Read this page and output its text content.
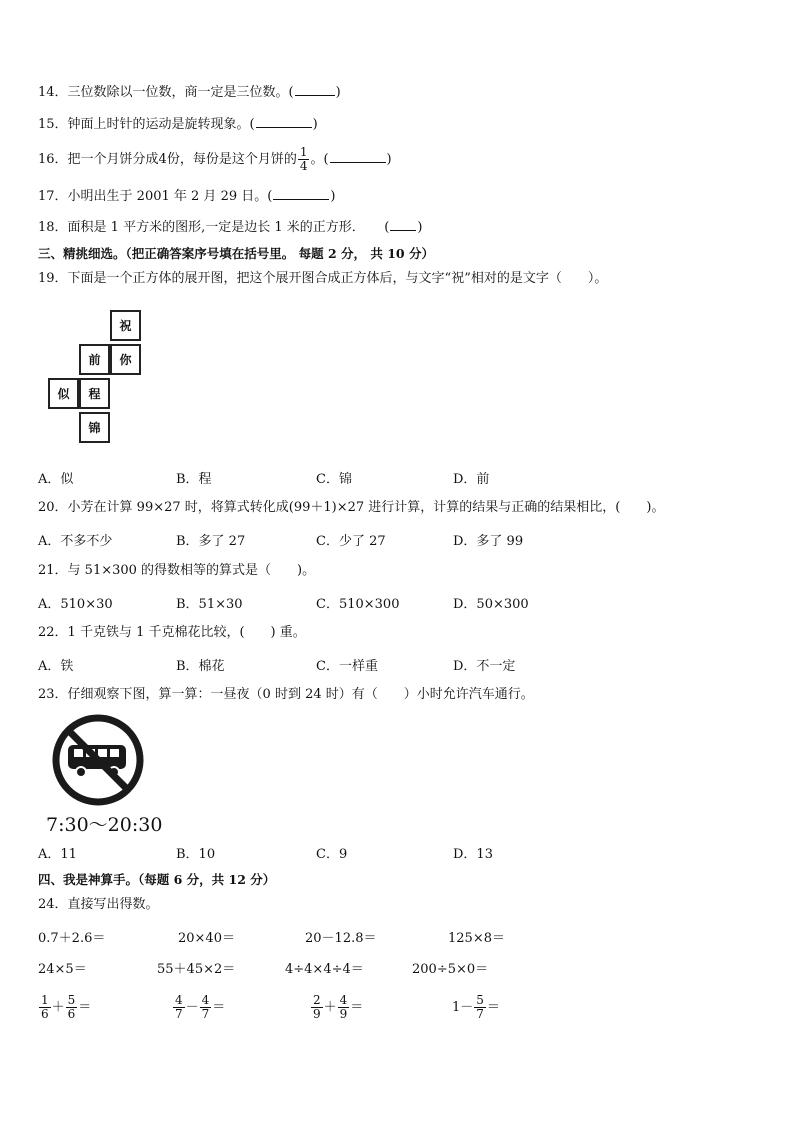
14．三位数除以一位数，商一定是三位数。(	)
15．钟面上时针的运动是旋转现象。(	)
16．把一个月饼分成4份，每份是这个月饼的 $\frac{1}{4}$ 。(	)
17．小明出生于 2001 年 2 月 29 日。(	)
18．面积是 1 平方米的图形,一定是边长 1 米的正方形．　　( )
三、精挑细选。（把正确答案序号填在括号里。 每题 2 分， 共 10 分）
19．下面是一个正方体的展开图，把这个展开图合成正方体后，与文字“祝”相对的是文字（　　）。
祝
前	你
似	程
锦
A．似	B．程	C．锦	D．前
20．小芳在计算 99×27 时，将算式转化成(99＋1)×27 进行计算，计算的结果与正确的结果相比，(　　)。
A．不多不少	B．多了 27	C．少了 27	D．多了 99
21．与 51×300 的得数相等的算式是（　　)。
A．510×30	B．51×30	C．510×300	D．50×300
22．1 千克铁与 1 千克棉花比较，(　　) 重。
A．铁	B．棉花	C．一样重	D．不一定
23．仔细观察下图，算一算：一昼夜（0 时到 24 时）有（　　）小时允许汽车通行。
7:30～20:30
A．11	B．10	C．9	D．13
四、我是神算手。（每题 6 分，共 12 分）
24．直接写出得数。
0.7＋2.6＝	20×40＝	20－12.8＝	125×8＝
24×5＝	55＋45×2＝	4÷4×4÷4＝	200÷5×0＝
$\frac{1}{6} + \frac{5}{6}$ ＝	$\frac{4}{7} - \frac{4}{7}$ ＝	$\frac{2}{9} + \frac{4}{9}$ ＝	$1- \frac{5}{7}$ ＝
